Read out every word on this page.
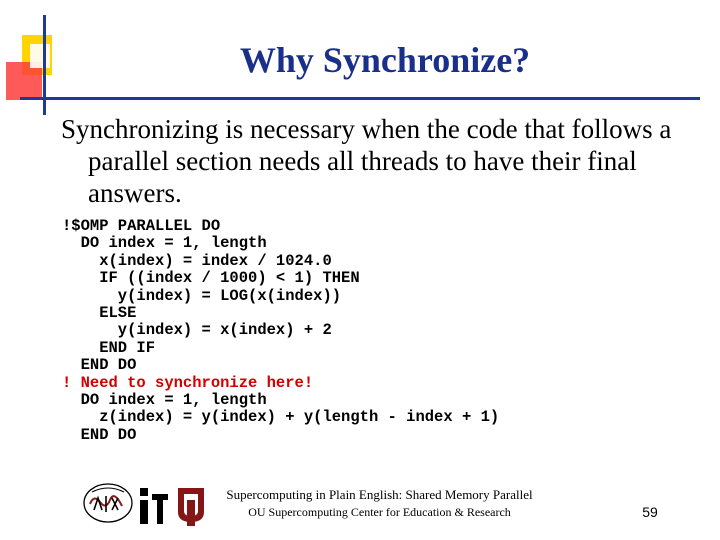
Why Synchronize?

Synchronizing is necessary when the code that follows a parallel section needs all threads to have their final answers.

!$OMP PARALLEL DO
DO index = 1, length
x(index) = index / 1024.0
IF ((index / 1000) < 1) THEN
y(index) = LOG(x(index))
ELSE
y(index) = x(index) + 2
END IF
END DO
! Need to synchronize here!
DO index = 1, length
z(index) = y(index) + y(length - index + 1)
END DO
Supercomputing in Plain English: Shared Memory Parallel
OU Supercomputing Center for Education & Research	59
